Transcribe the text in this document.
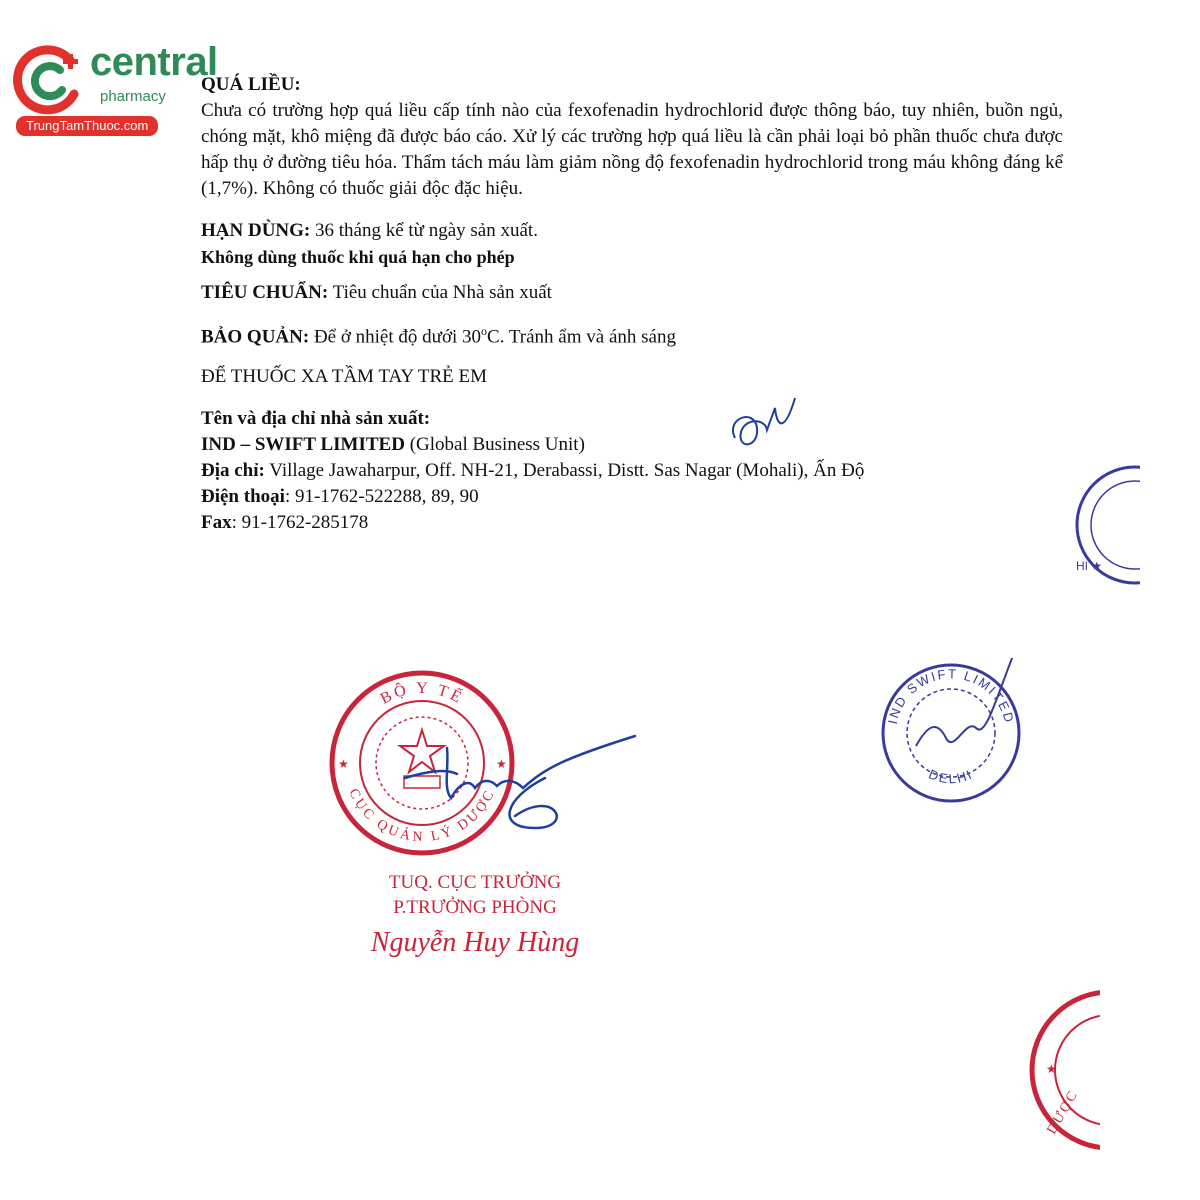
central
pharmacy
TrungTamThuoc.com

QUÁ LIỀU:

Chưa có trường hợp quá liều cấp tính nào của fexofenadin hydrochlorid được thông báo, tuy nhiên, buồn ngủ, chóng mặt, khô miệng đã được báo cáo. Xử lý các trường hợp quá liều là cần phải loại bỏ phần thuốc chưa được hấp thụ ở đường tiêu hóa. Thẩm tách máu làm giảm nồng độ fexofenadin hydrochlorid trong máu không đáng kể (1,7%). Không có thuốc giải độc đặc hiệu.

HẠN DÙNG: 36 tháng kể từ ngày sản xuất.

Không dùng thuốc khi quá hạn cho phép

TIÊU CHUẨN: Tiêu chuẩn của Nhà sản xuất

BẢO QUẢN: Để ở nhiệt độ dưới 30$^o$C. Tránh ẩm và ánh sáng

ĐỂ THUỐC XA TẦM TAY TRẺ EM

Tên và địa chỉ nhà sản xuất:

IND – SWIFT LIMITED (Global Business Unit)

Địa chỉ: Village Jawaharpur, Off. NH-21, Derabassi, Distt. Sas Nagar (Mohali), Ấn Độ

Điện thoại: 91-1762-522288, 89, 90

Fax: 91-1762-285178

HI ★
BỘ Y TẾ
CỤC QUẢN LÝ DƯỢC
★	★
IND SWIFT LIMITED
DELHI
TUQ. CỤC TRƯỞNG
P.TRƯỞNG PHÒNG
Nguyễn Huy Hùng
★
DƯỢC
